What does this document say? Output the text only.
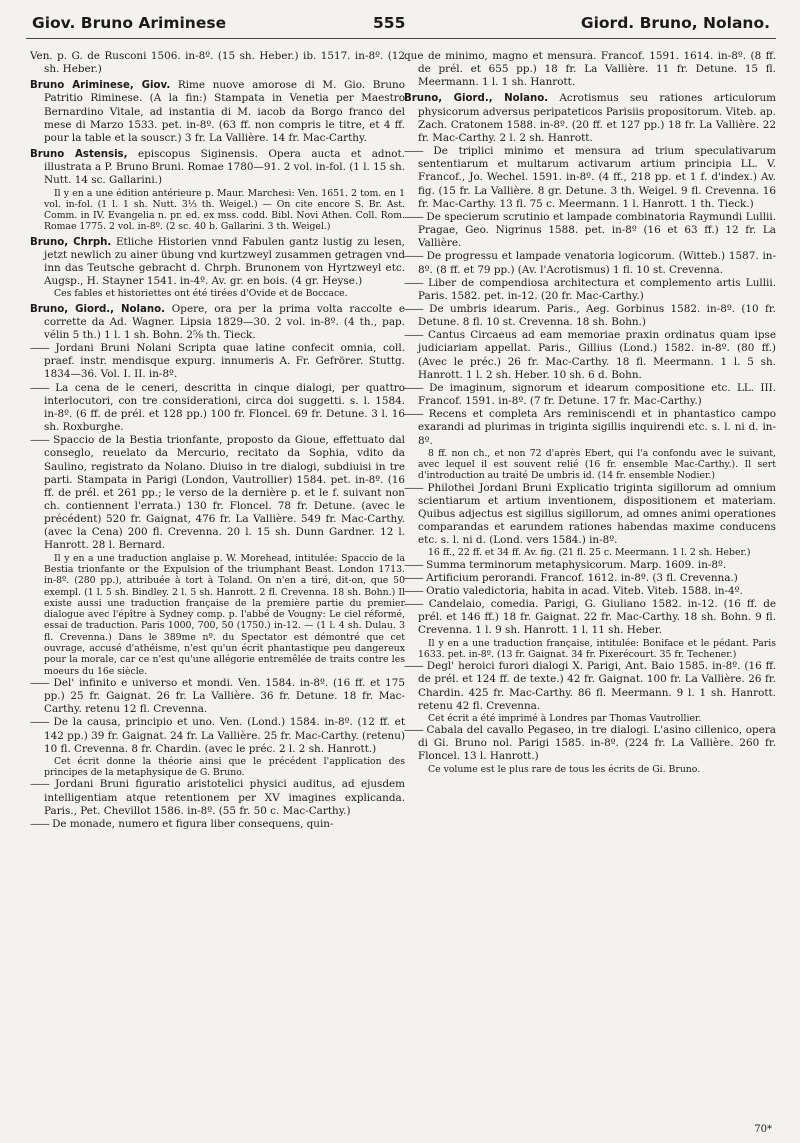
Giov. Bruno Ariminese	555	Giord. Bruno, Nolano.

Ven. p. G. de Rusconi 1506. in-8º. (15 sh. Heber.) ib. 1517. in-8º. (12 sh. Heber.)

Bruno Ariminese, Giov. Rime nuove amorose di M. Gio. Bruno Patritio Riminese. (A la fin:) Stampata in Venetia per Maestro Bernardino Vitale, ad instantia di M. iacob da Borgo franco del mese di Marzo 1533. pet. in-8º. (63 ff. non compris le titre, et 4 ff. pour la table et la souscr.) 3 fr. La Vallière. 14 fr. Mac-Carthy.

Bruno Astensis, episcopus Siginensis. Opera aucta et adnot. illustrata a P. Bruno Bruni. Romae 1780—91. 2 vol. in-fol. (1 l. 15 sh. Nutt. 14 sc. Gallarini.)

Il y en a une édition antérieure p. Maur. Marchesi: Ven. 1651. 2 tom. en 1 vol. in-fol. (1 l. 1 sh. Nutt. 3⅓ th. Weigel.) — On cite encore S. Br. Ast. Comm. in IV. Evangelia n. pr. ed. ex mss. codd. Bibl. Novi Athen. Coll. Rom. Romae 1775. 2 vol. in-8º. (2 sc. 40 b. Gallarini. 3 th. Weigel.)

Bruno, Chrph. Etliche Historien vnnd Fabulen gantz lustig zu lesen, jetzt newlich zu ainer übung vnd kurtzweyl zusammen getragen vnd inn das Teutsche gebracht d. Chrph. Brunonem von Hyrtzweyl etc. Augsp., H. Stayner 1541. in-4º. Av. gr. en bois. (4 gr. Heyse.)

Ces fables et historiettes ont été tirées d'Ovide et de Boccace.

Bruno, Giord., Nolano. Opere, ora per la prima volta raccolte e corrette da Ad. Wagner. Lipsia 1829—30. 2 vol. in-8º. (4 th., pap. vélin 5 th.) 1 l. 1 sh. Bohn. 2⅝ th. Tieck.

—— Jordani Bruni Nolani Scripta quae latine confecit omnia, coll. praef. instr. mendisque expurg. innumeris A. Fr. Gefrörer. Stuttg. 1834—36. Vol. I. II. in-8º.

—— La cena de le ceneri, descritta in cinque dialogi, per quattro interlocutori, con tre considerationi, circa doi suggetti. s. l. 1584. in-8º. (6 ff. de prél. et 128 pp.) 100 fr. Floncel. 69 fr. Detune. 3 l. 16 sh. Roxburghe.

—— Spaccio de la Bestia trionfante, proposto da Gioue, effettuato dal conseglo, reuelato da Mercurio, recitato da Sophia, vdito da Saulino, registrato da Nolano. Diuiso in tre dialogi, subdiuisi in tre parti. Stampata in Parigi (London, Vautrollier) 1584. pet. in-8º. (16 ff. de prél. et 261 pp.; le verso de la dernière p. et le f. suivant non ch. contiennent l'errata.) 130 fr. Floncel. 78 fr. Detune. (avec le précédent) 520 fr. Gaignat, 476 fr. La Vallière. 549 fr. Mac-Carthy. (avec la Cena) 200 fl. Crevenna. 20 l. 15 sh. Dunn Gardner. 12 l. Hanrott. 28 l. Bernard.

Il y en a une traduction anglaise p. W. Morehead, intitulée: Spaccio de la Bestia trionfante or the Expulsion of the triumphant Beast. London 1713. in-8º. (280 pp.), attribuée à tort à Toland. On n'en a tiré, dit-on, que 50 exempl. (1 l. 5 sh. Bindley. 2 l. 5 sh. Hanrott. 2 fl. Crevenna. 18 sh. Bohn.) Il existe aussi une traduction française de la première partie du premier dialogue avec l'épître à Sydney comp. p. l'abbé de Vougny: Le ciel réformé, essai de traduction. Paris 1000, 700, 50 (1750.) in-12. — (1 l. 4 sh. Dulau. 3 fl. Crevenna.) Dans le 389me nº. du Spectator est démontré que cet ouvrage, accusé d'athéisme, n'est qu'un écrit phantastique peu dangereux pour la morale, car ce n'est qu'une allégorie entremêlée de traits contre les moeurs du 16e siècle.

—— Del' infinito e universo et mondi. Ven. 1584. in-8º. (16 ff. et 175 pp.) 25 fr. Gaignat. 26 fr. La Vallière. 36 fr. Detune. 18 fr. Mac-Carthy. retenu 12 fl. Crevenna.

—— De la causa, principio et uno. Ven. (Lond.) 1584. in-8º. (12 ff. et 142 pp.) 39 fr. Gaignat. 24 fr. La Vallière. 25 fr. Mac-Carthy. (retenu) 10 fl. Crevenna. 8 fr. Chardin. (avec le préc. 2 l. 2 sh. Hanrott.)

Cet écrit donne la théorie ainsi que le précédent l'application des principes de la metaphysique de G. Bruno.

—— Jordani Bruni figuratio aristotelici physici auditus, ad ejusdem intelligentiam atque retentionem per XV imagines explicanda. Paris., Pet. Chevillot 1586. in-8º. (55 fr. 50 c. Mac-Carthy.)

—— De monade, numero et figura liber consequens, quin-

que de minimo, magno et mensura. Francof. 1591. 1614. in-8º. (8 ff. de prél. et 655 pp.) 18 fr. La Vallière. 11 fr. Detune. 15 fl. Meermann. 1 l. 1 sh. Hanrott.

Bruno, Giord., Nolano. Acrotismus seu rationes articulorum physicorum adversus peripateticos Parisiis propositorum. Viteb. ap. Zach. Cratonem 1588. in-8º. (20 ff. et 127 pp.) 18 fr. La Vallière. 22 fr. Mac-Carthy. 2 l. 2 sh. Hanrott.

—— De triplici minimo et mensura ad trium speculativarum sententiarum et multarum activarum artium principia LL. V. Francof., Jo. Wechel. 1591. in-8º. (4 ff., 218 pp. et 1 f. d'index.) Av. fig. (15 fr. La Vallière. 8 gr. Detune. 3 th. Weigel. 9 fl. Crevenna. 16 fr. Mac-Carthy. 13 fl. 75 c. Meermann. 1 l. Hanrott. 1 th. Tieck.)

—— De specierum scrutinio et lampade combinatoria Raymundi Lullii. Pragae, Geo. Nigrinus 1588. pet. in-8º (16 et 63 ff.) 12 fr. La Vallière.

—— De progressu et lampade venatoria logicorum. (Witteb.) 1587. in-8º. (8 ff. et 79 pp.) (Av. l'Acrotismus) 1 fl. 10 st. Crevenna.

—— Liber de compendiosa architectura et complemento artis Lullii. Paris. 1582. pet. in-12. (20 fr. Mac-Carthy.)

—— De umbris idearum. Paris., Aeg. Gorbinus 1582. in-8º. (10 fr. Detune. 8 fl. 10 st. Crevenna. 18 sh. Bohn.)

—— Cantus Circaeus ad eam memoriae praxin ordinatus quam ipse judiciariam appellat. Paris., Gillius (Lond.) 1582. in-8º. (80 ff.) (Avec le préc.) 26 fr. Mac-Carthy. 18 fl. Meermann. 1 l. 5 sh. Hanrott. 1 l. 2 sh. Heber. 10 sh. 6 d. Bohn.

—— De imaginum, signorum et idearum compositione etc. LL. III. Francof. 1591. in-8º. (7 fr. Detune. 17 fr. Mac-Carthy.)

—— Recens et completa Ars reminiscendi et in phantastico campo exarandi ad plurimas in triginta sigillis inquirendi etc. s. l. ni d. in-8º.

8 ff. non ch., et non 72 d'après Ebert, qui l'a confondu avec le suivant, avec lequel il est souvent relié (16 fr. ensemble Mac-Carthy.). Il sert d'introduction au traité De umbris id. (14 fr. ensemble Nodier.)

—— Philothei Jordani Bruni Explicatio triginta sigillorum ad omnium scientiarum et artium inventionem, dispositionem et materiam. Quibus adjectus est sigillus sigillorum, ad omnes animi operationes comparandas et earundem rationes habendas maxime conducens etc. s. l. ni d. (Lond. vers 1584.) in-8º.

16 ff., 22 ff. et 34 ff. Av. fig. (21 fl. 25 c. Meermann. 1 l. 2 sh. Heber.)

—— Summa terminorum metaphysicorum. Marp. 1609. in-8º.

—— Artificium perorandi. Francof. 1612. in-8º. (3 fl. Crevenna.)

—— Oratio valedictoria, habita in acad. Viteb. Viteb. 1588. in-4º.

—— Candelaio, comedia. Parigi, G. Giuliano 1582. in-12. (16 ff. de prél. et 146 ff.) 18 fr. Gaignat. 22 fr. Mac-Carthy. 18 sh. Bohn. 9 fl. Crevenna. 1 l. 9 sh. Hanrott. 1 l. 11 sh. Heber.

Il y en a une traduction française, intitulée: Boniface et le pédant. Paris 1633. pet. in-8º. (13 fr. Gaignat. 34 fr. Pixerécourt. 35 fr. Techener.)

—— Degl' heroici furori dialogi X. Parigi, Ant. Baio 1585. in-8º. (16 ff. de prél. et 124 ff. de texte.) 42 fr. Gaignat. 100 fr. La Vallière. 26 fr. Chardin. 425 fr. Mac-Carthy. 86 fl. Meermann. 9 l. 1 sh. Hanrott. retenu 42 fl. Crevenna.

Cet écrit a été imprimé à Londres par Thomas Vautrollier.

—— Cabala del cavallo Pegaseo, in tre dialogi. L'asino cillenico, opera di Gi. Bruno nol. Parigi 1585. in-8º. (224 fr. La Vallière. 260 fr. Floncel. 13 l. Hanrott.)

Ce volume est le plus rare de tous les écrits de Gi. Bruno.

70*
